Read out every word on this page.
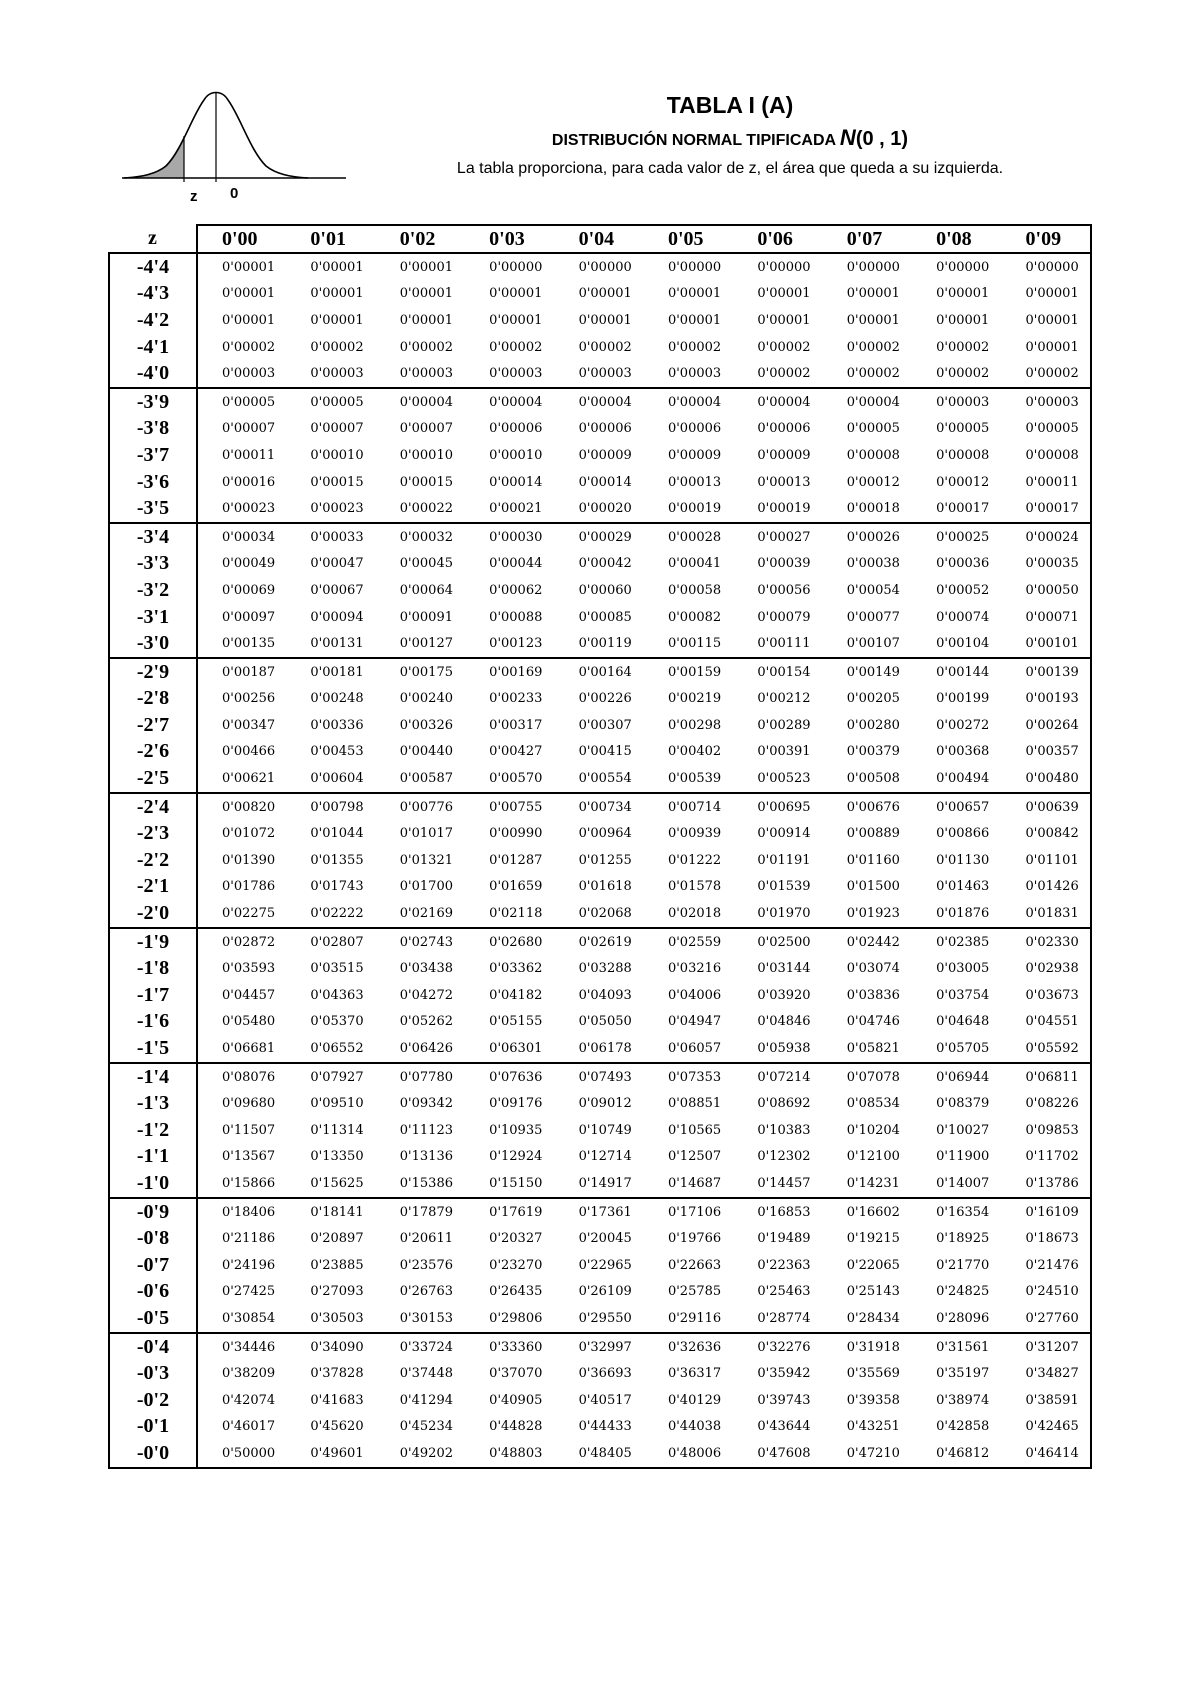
z 0
TABLA I (A)
DISTRIBUCIÓN NORMAL TIPIFICADA N(0 , 1)
La tabla proporciona, para cada valor de z, el área que queda a su izquierda.
z	0'00	0'01	0'02	0'03	0'04	0'05	0'06	0'07	0'08	0'09
-4'4	0'00001	0'00001	0'00001	0'00000	0'00000	0'00000	0'00000	0'00000	0'00000	0'00000
-4'3	0'00001	0'00001	0'00001	0'00001	0'00001	0'00001	0'00001	0'00001	0'00001	0'00001
-4'2	0'00001	0'00001	0'00001	0'00001	0'00001	0'00001	0'00001	0'00001	0'00001	0'00001
-4'1	0'00002	0'00002	0'00002	0'00002	0'00002	0'00002	0'00002	0'00002	0'00002	0'00001
-4'0	0'00003	0'00003	0'00003	0'00003	0'00003	0'00003	0'00002	0'00002	0'00002	0'00002
-3'9	0'00005	0'00005	0'00004	0'00004	0'00004	0'00004	0'00004	0'00004	0'00003	0'00003
-3'8	0'00007	0'00007	0'00007	0'00006	0'00006	0'00006	0'00006	0'00005	0'00005	0'00005
-3'7	0'00011	0'00010	0'00010	0'00010	0'00009	0'00009	0'00009	0'00008	0'00008	0'00008
-3'6	0'00016	0'00015	0'00015	0'00014	0'00014	0'00013	0'00013	0'00012	0'00012	0'00011
-3'5	0'00023	0'00023	0'00022	0'00021	0'00020	0'00019	0'00019	0'00018	0'00017	0'00017
-3'4	0'00034	0'00033	0'00032	0'00030	0'00029	0'00028	0'00027	0'00026	0'00025	0'00024
-3'3	0'00049	0'00047	0'00045	0'00044	0'00042	0'00041	0'00039	0'00038	0'00036	0'00035
-3'2	0'00069	0'00067	0'00064	0'00062	0'00060	0'00058	0'00056	0'00054	0'00052	0'00050
-3'1	0'00097	0'00094	0'00091	0'00088	0'00085	0'00082	0'00079	0'00077	0'00074	0'00071
-3'0	0'00135	0'00131	0'00127	0'00123	0'00119	0'00115	0'00111	0'00107	0'00104	0'00101
-2'9	0'00187	0'00181	0'00175	0'00169	0'00164	0'00159	0'00154	0'00149	0'00144	0'00139
-2'8	0'00256	0'00248	0'00240	0'00233	0'00226	0'00219	0'00212	0'00205	0'00199	0'00193
-2'7	0'00347	0'00336	0'00326	0'00317	0'00307	0'00298	0'00289	0'00280	0'00272	0'00264
-2'6	0'00466	0'00453	0'00440	0'00427	0'00415	0'00402	0'00391	0'00379	0'00368	0'00357
-2'5	0'00621	0'00604	0'00587	0'00570	0'00554	0'00539	0'00523	0'00508	0'00494	0'00480
-2'4	0'00820	0'00798	0'00776	0'00755	0'00734	0'00714	0'00695	0'00676	0'00657	0'00639
-2'3	0'01072	0'01044	0'01017	0'00990	0'00964	0'00939	0'00914	0'00889	0'00866	0'00842
-2'2	0'01390	0'01355	0'01321	0'01287	0'01255	0'01222	0'01191	0'01160	0'01130	0'01101
-2'1	0'01786	0'01743	0'01700	0'01659	0'01618	0'01578	0'01539	0'01500	0'01463	0'01426
-2'0	0'02275	0'02222	0'02169	0'02118	0'02068	0'02018	0'01970	0'01923	0'01876	0'01831
-1'9	0'02872	0'02807	0'02743	0'02680	0'02619	0'02559	0'02500	0'02442	0'02385	0'02330
-1'8	0'03593	0'03515	0'03438	0'03362	0'03288	0'03216	0'03144	0'03074	0'03005	0'02938
-1'7	0'04457	0'04363	0'04272	0'04182	0'04093	0'04006	0'03920	0'03836	0'03754	0'03673
-1'6	0'05480	0'05370	0'05262	0'05155	0'05050	0'04947	0'04846	0'04746	0'04648	0'04551
-1'5	0'06681	0'06552	0'06426	0'06301	0'06178	0'06057	0'05938	0'05821	0'05705	0'05592
-1'4	0'08076	0'07927	0'07780	0'07636	0'07493	0'07353	0'07214	0'07078	0'06944	0'06811
-1'3	0'09680	0'09510	0'09342	0'09176	0'09012	0'08851	0'08692	0'08534	0'08379	0'08226
-1'2	0'11507	0'11314	0'11123	0'10935	0'10749	0'10565	0'10383	0'10204	0'10027	0'09853
-1'1	0'13567	0'13350	0'13136	0'12924	0'12714	0'12507	0'12302	0'12100	0'11900	0'11702
-1'0	0'15866	0'15625	0'15386	0'15150	0'14917	0'14687	0'14457	0'14231	0'14007	0'13786
-0'9	0'18406	0'18141	0'17879	0'17619	0'17361	0'17106	0'16853	0'16602	0'16354	0'16109
-0'8	0'21186	0'20897	0'20611	0'20327	0'20045	0'19766	0'19489	0'19215	0'18925	0'18673
-0'7	0'24196	0'23885	0'23576	0'23270	0'22965	0'22663	0'22363	0'22065	0'21770	0'21476
-0'6	0'27425	0'27093	0'26763	0'26435	0'26109	0'25785	0'25463	0'25143	0'24825	0'24510
-0'5	0'30854	0'30503	0'30153	0'29806	0'29550	0'29116	0'28774	0'28434	0'28096	0'27760
-0'4	0'34446	0'34090	0'33724	0'33360	0'32997	0'32636	0'32276	0'31918	0'31561	0'31207
-0'3	0'38209	0'37828	0'37448	0'37070	0'36693	0'36317	0'35942	0'35569	0'35197	0'34827
-0'2	0'42074	0'41683	0'41294	0'40905	0'40517	0'40129	0'39743	0'39358	0'38974	0'38591
-0'1	0'46017	0'45620	0'45234	0'44828	0'44433	0'44038	0'43644	0'43251	0'42858	0'42465
-0'0	0'50000	0'49601	0'49202	0'48803	0'48405	0'48006	0'47608	0'47210	0'46812	0'46414
